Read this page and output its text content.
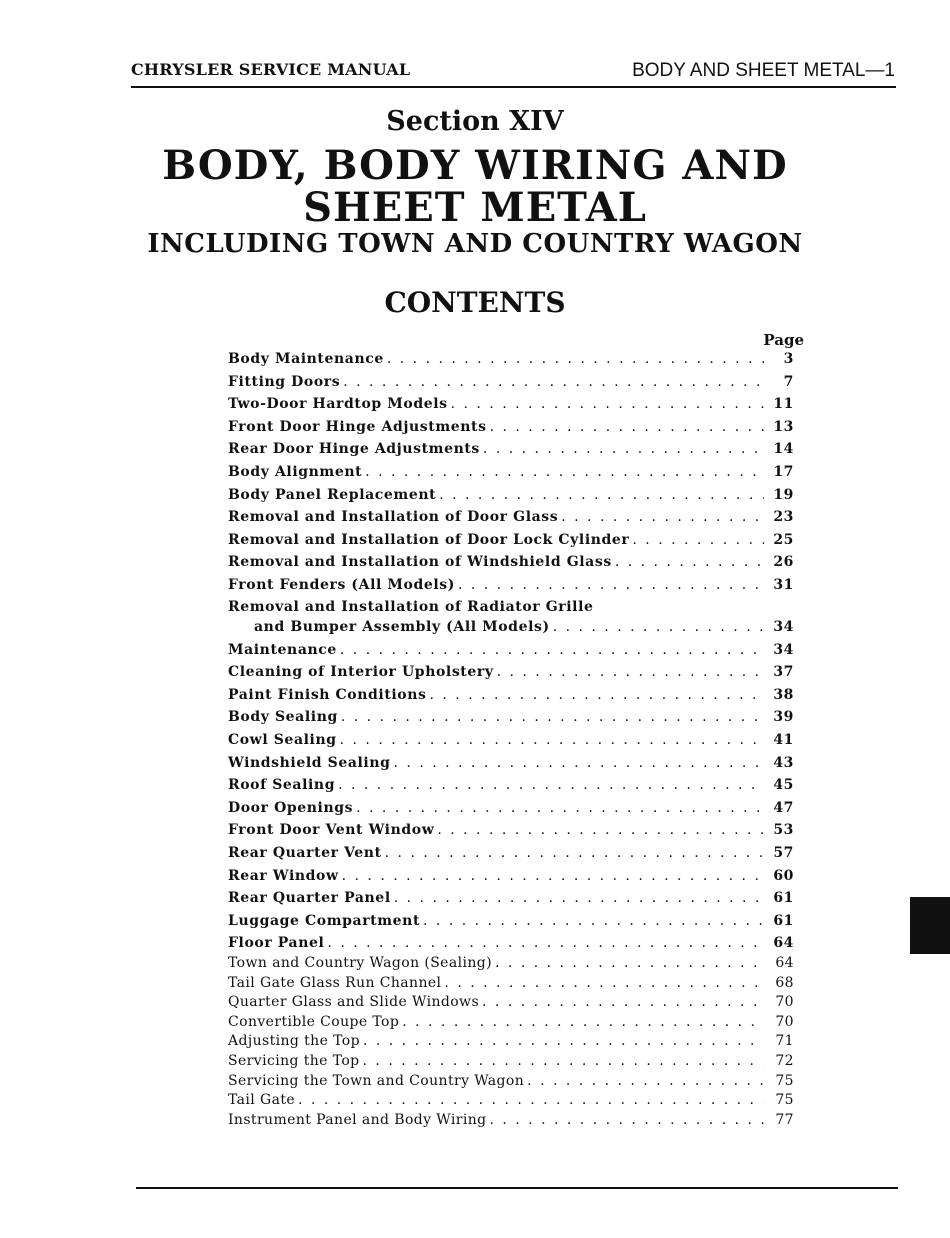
CHRYSLER SERVICE MANUAL	BODY AND SHEET METAL—1
Section XIV
BODY, BODY WIRING AND
SHEET METAL
INCLUDING TOWN AND COUNTRY WAGON
CONTENTS
Page
Body Maintenance . . .	3
Fitting Doors . . .	7
Two-Door Hardtop Models . . .	11
Front Door Hinge Adjustments . . .	13
Rear Door Hinge Adjustments . . .	14
Body Alignment . . .	17
Body Panel Replacement . . .	19
Removal and Installation of Door Glass . . .	23
Removal and Installation of Door Lock Cylinder . . .	25
Removal and Installation of Windshield Glass . . .	26
Front Fenders (All Models) . . .	31
Removal and Installation of Radiator Grille
and Bumper Assembly (All Models) . . .	34
Maintenance . . .	34
Cleaning of Interior Upholstery . . .	37
Paint Finish Conditions . . .	38
Body Sealing . . .	39
Cowl Sealing . . .	41
Windshield Sealing . . .	43
Roof Sealing . . .	45
Door Openings . . .	47
Front Door Vent Window . . .	53
Rear Quarter Vent . . .	57
Rear Window . . .	60
Rear Quarter Panel . . .	61
Luggage Compartment . . .	61
Floor Panel . . .	64
Town and Country Wagon (Sealing) . . .	64
Tail Gate Glass Run Channel . . .	68
Quarter Glass and Slide Windows . . .	70
Convertible Coupe Top . . .	70
Adjusting the Top . . .	71
Servicing the Top . . .	72
Servicing the Town and Country Wagon . . .	75
Tail Gate . . .	75
Instrument Panel and Body Wiring . . .	77
